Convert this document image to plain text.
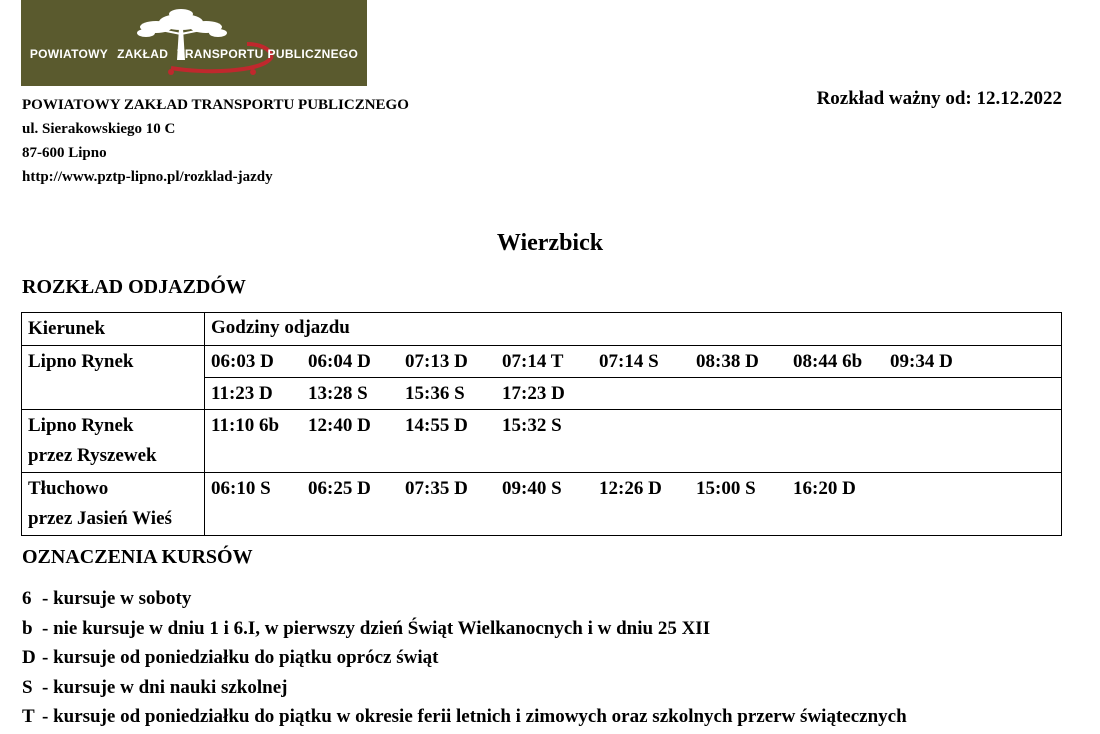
POWIATOWY ZAKŁAD TRANSPORTU PUBLICZNEGO
POWIATOWY ZAKŁAD TRANSPORTU PUBLICZNEGO
ul. Sierakowskiego 10 C
87-600 Lipno
http://www.pztp-lipno.pl/rozklad-jazdy
Rozkład ważny od: 12.12.2022
Wierzbick
ROZKŁAD ODJAZDÓW
Kierunek	Godziny odjazdu

Lipno Rynek	06:03 D 06:04 D 07:13 D 07:14 T 07:14 S 08:38 D 08:44 6b 09:34 D
11:23 D 13:28 S 15:36 S 17:23 D

Lipno Rynek
przez Ryszewek	11:10 6b 12:40 D 14:55 D 15:32 S

Tłuchowo
przez Jasień Wieś	06:10 S 06:25 D 07:35 D 09:40 S 12:26 D 15:00 S 16:20 D
OZNACZENIA KURSÓW
6 - kursuje w soboty
b - nie kursuje w dniu 1 i 6.I, w pierwszy dzień Świąt Wielkanocnych i w dniu 25 XII
D - kursuje od poniedziałku do piątku oprócz świąt
S - kursuje w dni nauki szkolnej
T - kursuje od poniedziałku do piątku w okresie ferii letnich i zimowych oraz szkolnych przerw świątecznych
